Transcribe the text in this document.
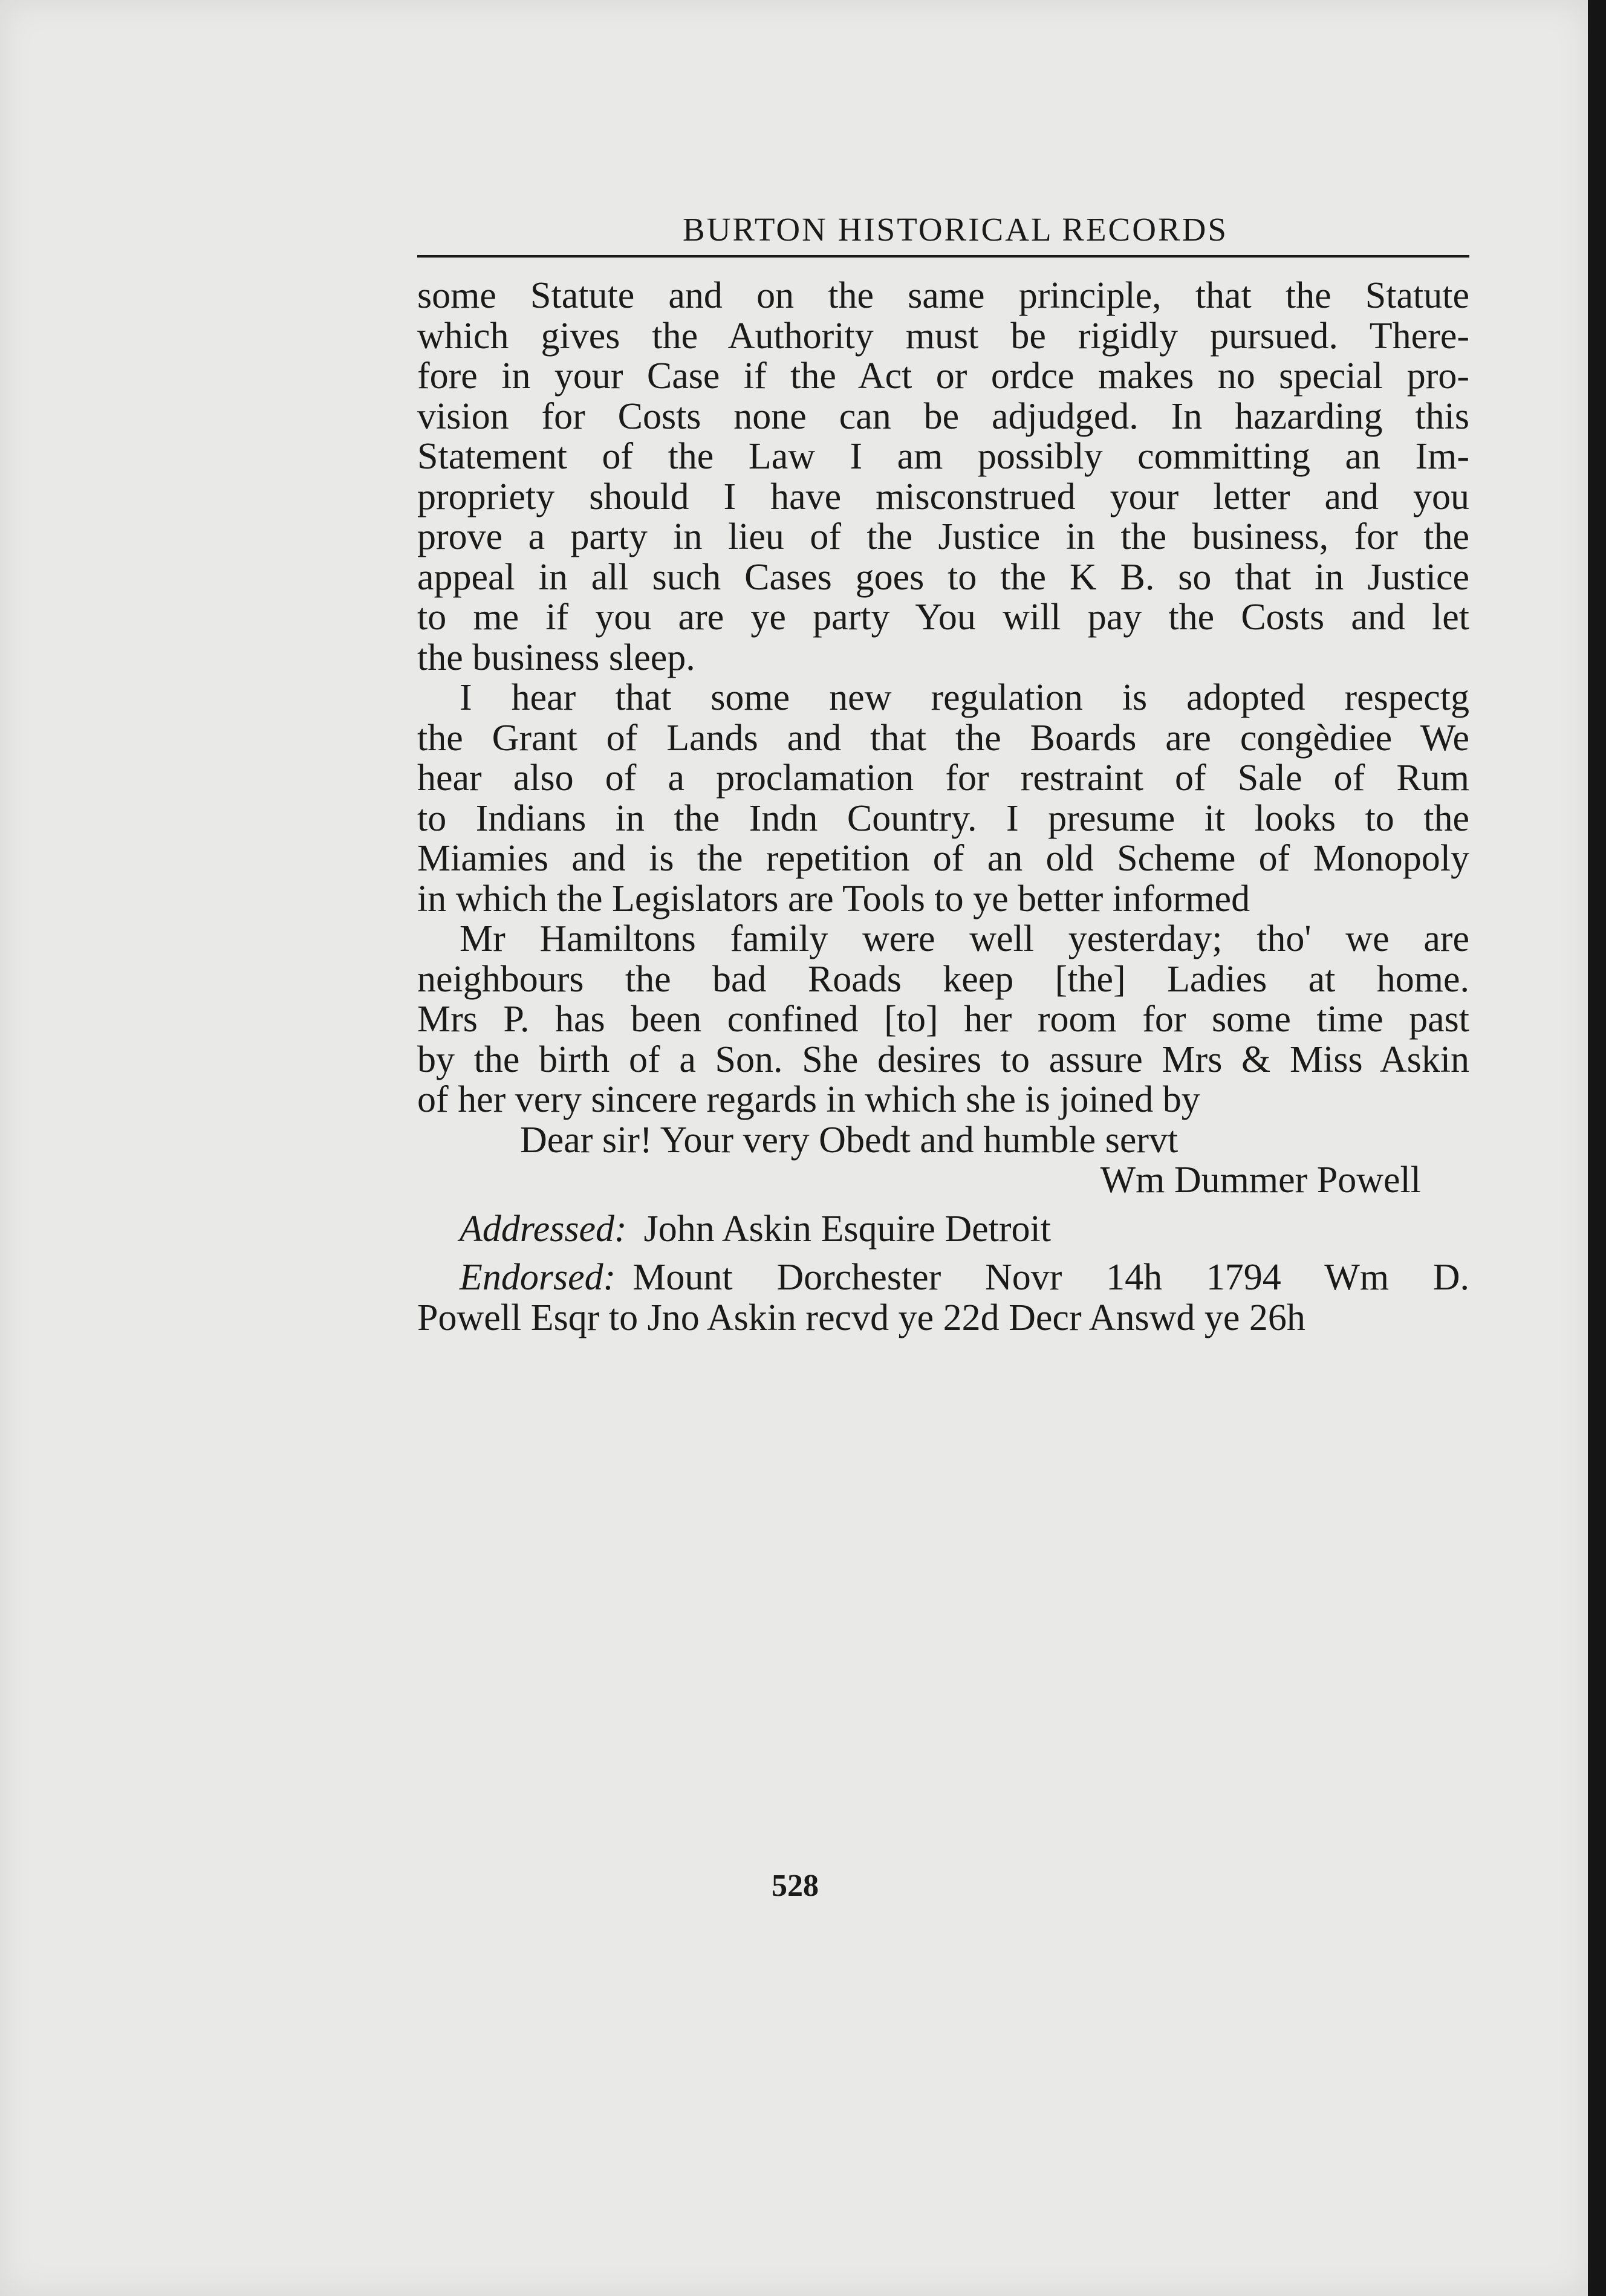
BURTON HISTORICAL RECORDS
some Statute and on the same principle, that the Statute
which gives the Authority must be rigidly pursued. There-
fore in your Case if the Act or ordce makes no special pro-
vision for Costs none can be adjudged. In hazarding this
Statement of the Law I am possibly committing an Im-
propriety should I have misconstrued your letter and you
prove a party in lieu of the Justice in the business, for the
appeal in all such Cases goes to the K B. so that in Justice
to me if you are ye party You will pay the Costs and let
the business sleep.
I hear that some new regulation is adopted respectg
the Grant of Lands and that the Boards are congèdiee We
hear also of a proclamation for restraint of Sale of Rum
to Indians in the Indn Country. I presume it looks to the
Miamies and is the repetition of an old Scheme of Monopoly
in which the Legislators are Tools to ye better informed
Mr Hamiltons family were well yesterday; tho' we are
neighbours the bad Roads keep [the] Ladies at home.
Mrs P. has been confined [to] her room for some time past
by the birth of a Son. She desires to assure Mrs & Miss Askin
of her very sincere regards in which she is joined by
Dear sir! Your very Obedt and humble servt
Wm Dummer Powell
Addressed: John Askin Esquire Detroit
Endorsed: Mount Dorchester Novr 14h 1794 Wm D.
Powell Esqr to Jno Askin recvd ye 22d Decr Answd ye 26h
528
